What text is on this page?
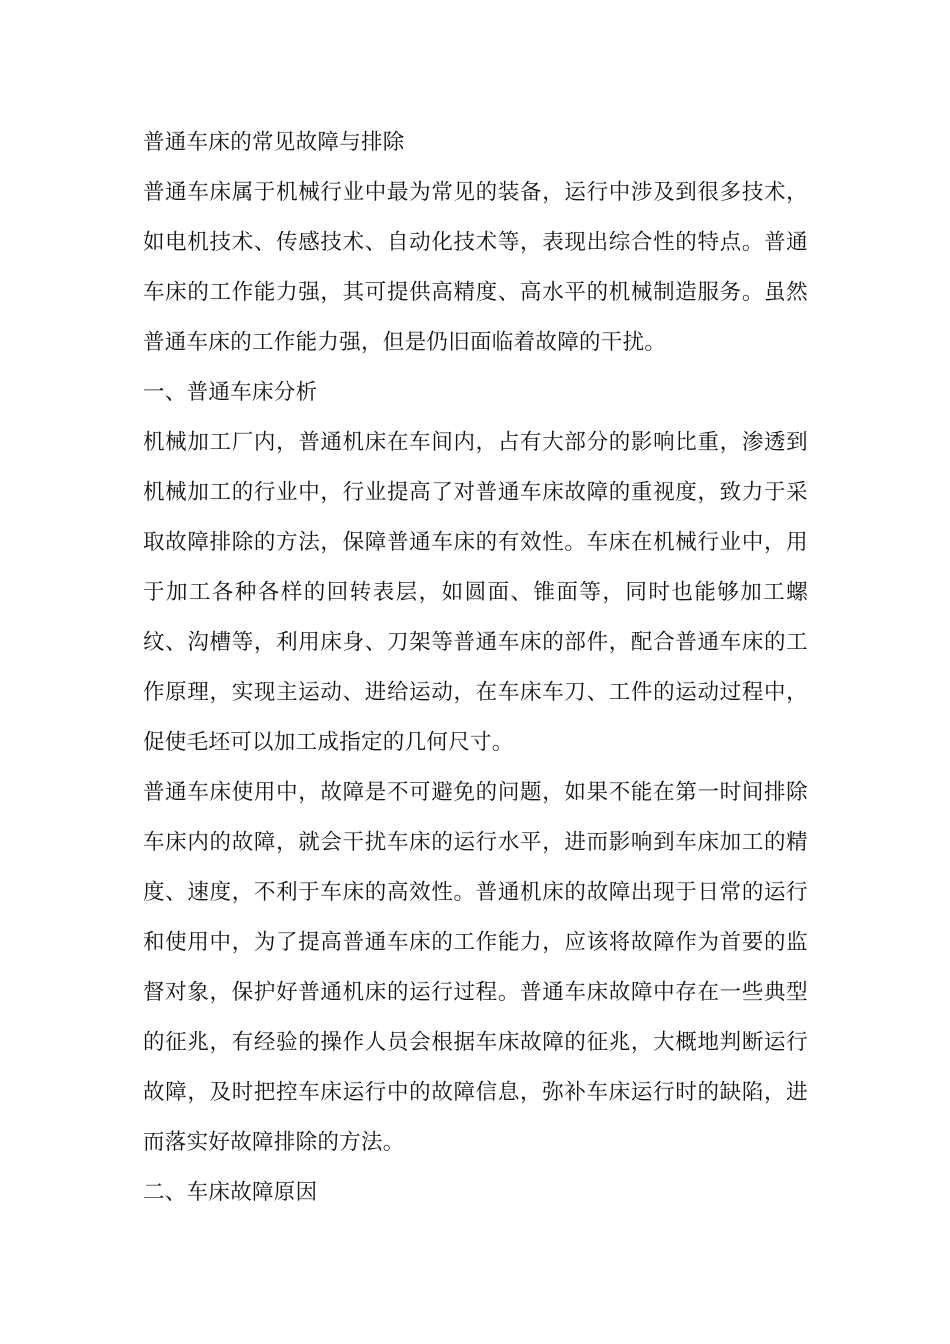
普通车床的常见故障与排除

普通车床属于机械行业中最为常见的装备，运行中涉及到很多技术，如电机技术、传感技术、自动化技术等，表现出综合性的特点。普通车床的工作能力强，其可提供高精度、高水平的机械制造服务。虽然普通车床的工作能力强，但是仍旧面临着故障的干扰。

一、普通车床分析

机械加工厂内，普通机床在车间内，占有大部分的影响比重，渗透到机械加工的行业中，行业提高了对普通车床故障的重视度，致力于采取故障排除的方法，保障普通车床的有效性。车床在机械行业中，用于加工各种各样的回转表层，如圆面、锥面等，同时也能够加工螺纹、沟槽等，利用床身、刀架等普通车床的部件，配合普通车床的工作原理，实现主运动、进给运动，在车床车刀、工件的运动过程中，促使毛坯可以加工成指定的几何尺寸。

普通车床使用中，故障是不可避免的问题，如果不能在第一时间排除车床内的故障，就会干扰车床的运行水平，进而影响到车床加工的精度、速度，不利于车床的高效性。普通机床的故障出现于日常的运行和使用中，为了提高普通车床的工作能力，应该将故障作为首要的监督对象，保护好普通机床的运行过程。普通车床故障中存在一些典型的征兆，有经验的操作人员会根据车床故障的征兆，大概地判断运行故障，及时把控车床运行中的故障信息，弥补车床运行时的缺陷，进而落实好故障排除的方法。

二、车床故障原因
